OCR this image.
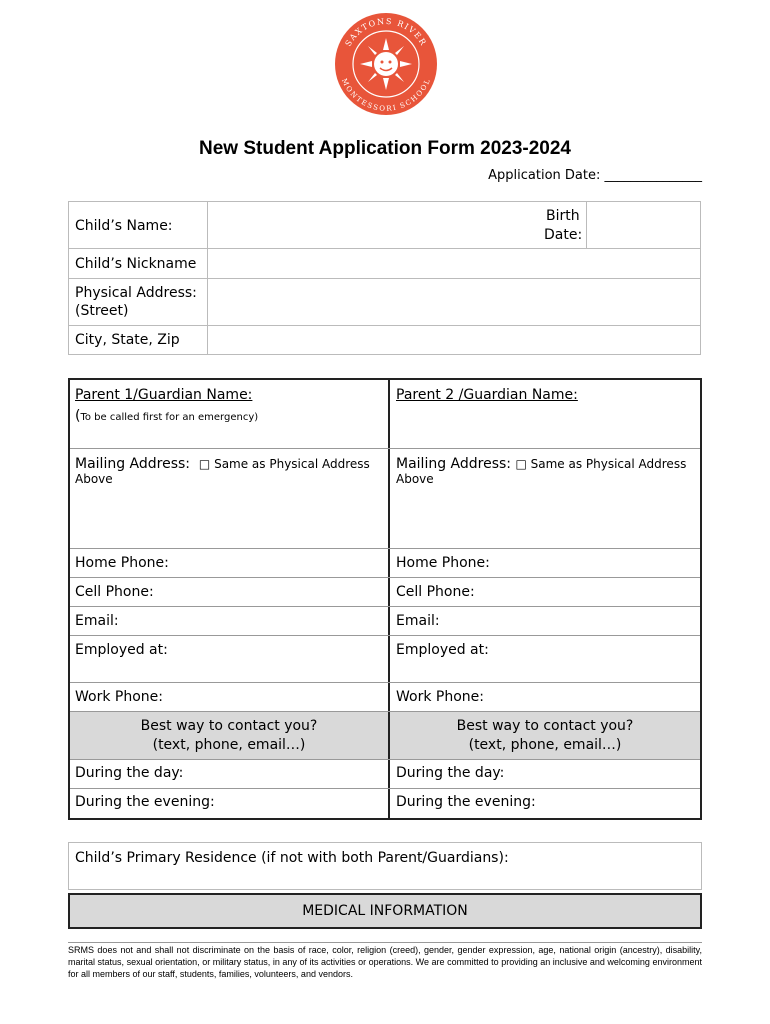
SAXTONS RIVER
MONTESSORI SCHOOL
New Student Application Form 2023-2024
Application Date: _______________
Child’s Name:
Birth
Date:
Child’s Nickname
Physical Address:
(Street)
City, State, Zip
Parent 1/Guardian Name:
(To be called first for an emergency)
Mailing Address: □ Same as Physical Address
Above
Home Phone:
Cell Phone:
Email:
Employed at:
Work Phone:
Best way to contact you?
(text, phone, email…)
During the day:
During the evening:
Parent 2 /Guardian Name:
Mailing Address: □ Same as Physical Address
Above
Home Phone:
Cell Phone:
Email:
Employed at:
Work Phone:
Best way to contact you?
(text, phone, email…)
During the day:
During the evening:
Child’s Primary Residence (if not with both Parent/Guardians):
MEDICAL INFORMATION
SRMS does not and shall not discriminate on the basis of race, color, religion (creed), gender, gender expression, age, national origin (ancestry), disability, marital status, sexual orientation, or military status, in any of its activities or operations. We are committed to providing an inclusive and welcoming environment for all members of our staff, students, families, volunteers, and vendors.
